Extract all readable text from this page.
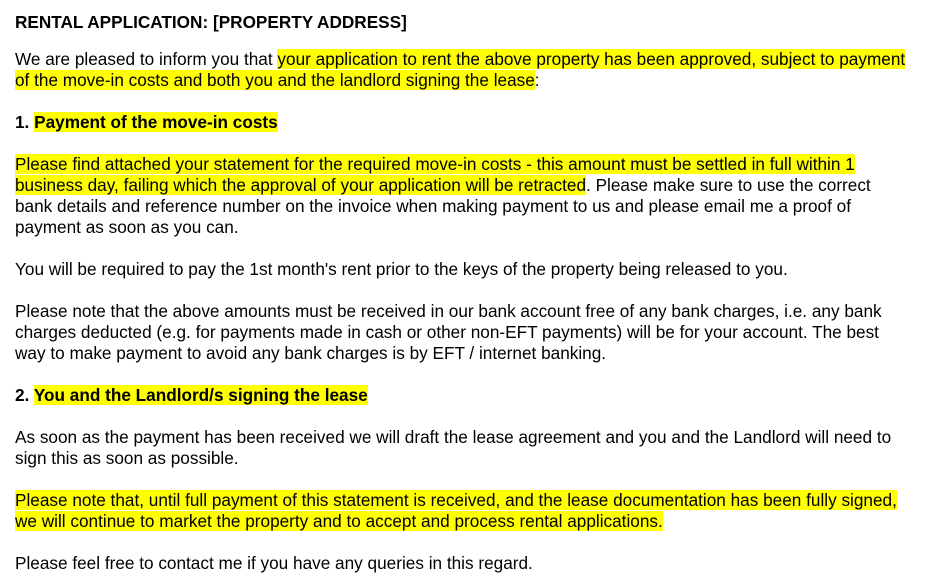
RENTAL APPLICATION: [PROPERTY ADDRESS]

We are pleased to inform you that your application to rent the above property has been approved, subject to payment of the move-in costs and both you and the landlord signing the lease:

1. Payment of the move-in costs

Please find attached your statement for the required move-in costs - this amount must be settled in full within 1 business day, failing which the approval of your application will be retracted. Please make sure to use the correct bank details and reference number on the invoice when making payment to us and please email me a proof of payment as soon as you can.

You will be required to pay the 1st month's rent prior to the keys of the property being released to you.

Please note that the above amounts must be received in our bank account free of any bank charges, i.e. any bank charges deducted (e.g. for payments made in cash or other non-EFT payments) will be for your account. The best way to make payment to avoid any bank charges is by EFT / internet banking.

2. You and the Landlord/s signing the lease

As soon as the payment has been received we will draft the lease agreement and you and the Landlord will need to sign this as soon as possible.

Please note that, until full payment of this statement is received, and the lease documentation has been fully signed, we will continue to market the property and to accept and process rental applications.

Please feel free to contact me if you have any queries in this regard.
